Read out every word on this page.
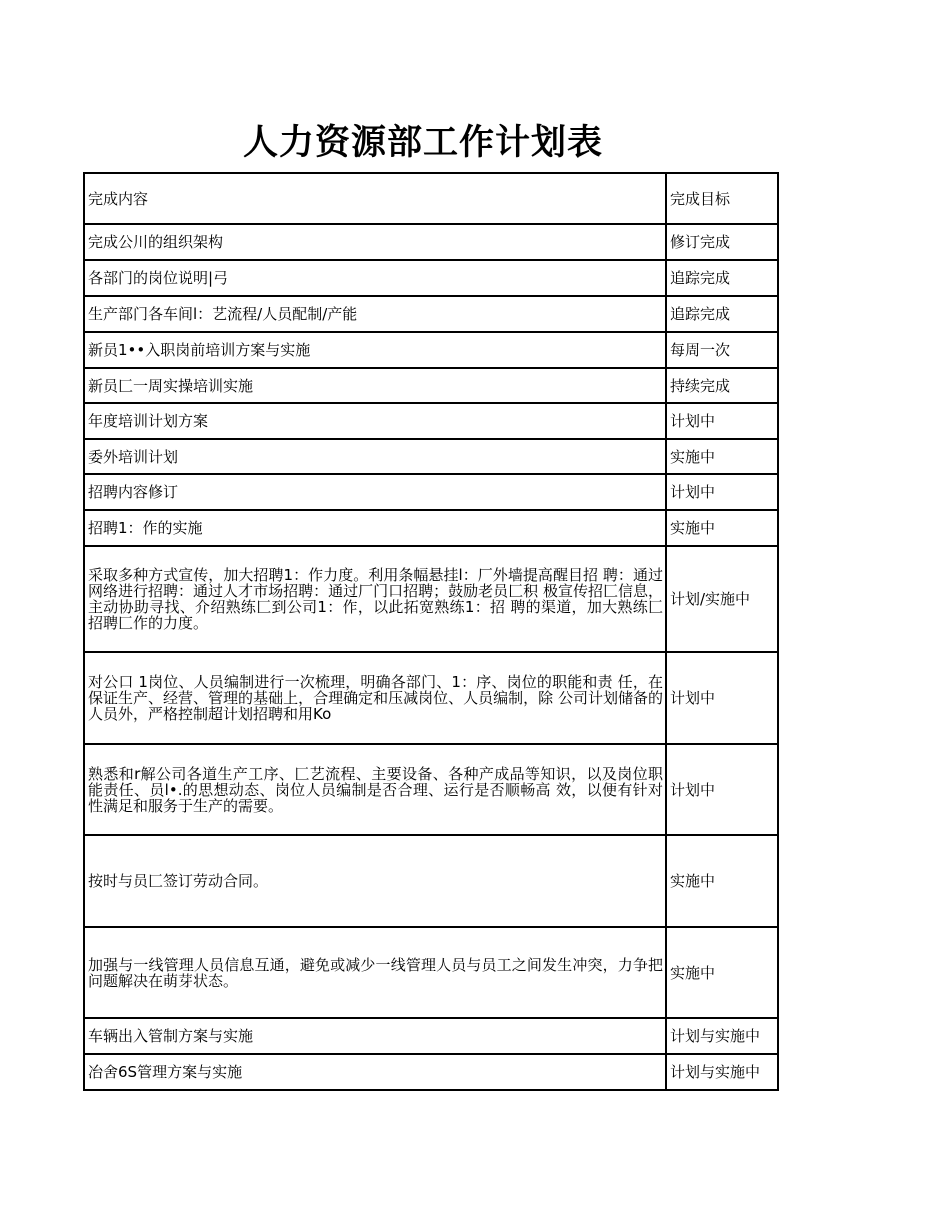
人力资源部工作计划表
完成内容	完成目标
完成公川的组织架构	修订完成
各部门的岗位说明|弓	追踪完成
生产部门各车间l：艺流程/人员配制/产能	追踪完成
新员1••入职岗前培训方案与实施	每周一次
新员匚一周实操培训实施	持续完成
年度培训计划方案	计划中
委外培训计划	实施中
招聘内容修订	计划中
招聘1：作的实施	实施中
采取多种方式宣传，加大招聘1：作力度。利用条幅悬挂l：厂外墙提高醒目招 聘：通过网络进行招聘：通过人才市场招聘：通过厂门口招聘；鼓励老员匚积 极宣传招匚信息，主动协助寻找、介绍熟练匚到公司1：作，以此拓宽熟练1：招 聘的渠道，加大熟练匚招聘匚作的力度。	计划/实施中
对公口 1岗位、人员编制进行一次梳理，明确各部门、1：序、岗位的职能和责 任，在保证生产、经营、管理的基础上，合理确定和压减岗位、人员编制，除 公司计划储备的人员外，严格控制超计划招聘和用Ko	计划中
熟悉和r解公司各道生产工序、匚艺流程、主要设备、各种产成品等知识，以及岗位职能责任、员l•.的思想动态、岗位人员编制是否合理、运行是否顺畅高 效，以便有针对性满足和服务于生产的需要。	计划中
按时与员匚签订劳动合同。	实施中
加强与一线管理人员信息互通，避免或减少一线管理人员与员工之间发生冲突，力争把问题解决在萌芽状态。	实施中
车辆出入管制方案与实施	计划与实施中
冶舍6S管理方案与实施	计划与实施中
